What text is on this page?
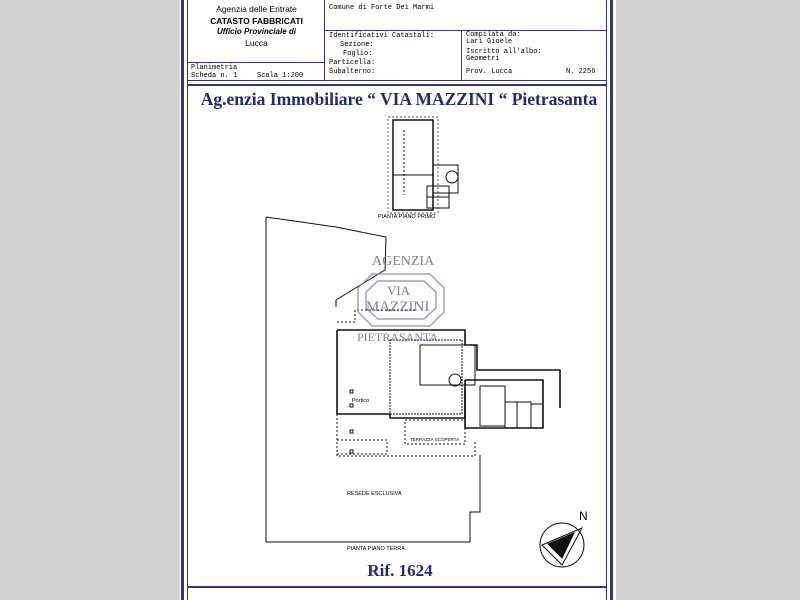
Agenzia delle Entrate
CATASTO FABBRICATI
Ufficio Provinciale di
Lucca
Planimetria
Scheda n. 1	Scala 1:200
Comune di Forte Dei Marmi
Identificativi Catastali:
Sezione:
Foglio:
Particella:
Subalterno:
Compilata da:
Lari Gioele
Iscritto all'albo:
Geometri
Prov. Lucca	N. 2256
Ag.enzia Immobiliare “ VIA MAZZINI “ Pietrasanta
AGENZIA
VIA
MAZZINI
PIETRASANTA
PIANTA PIANO PRIMO
Portico
TERRAZZA SCOPERTA
RESEDE ESCLUSIVA
PIANTA PIANO TERRA
N
Rif. 1624
